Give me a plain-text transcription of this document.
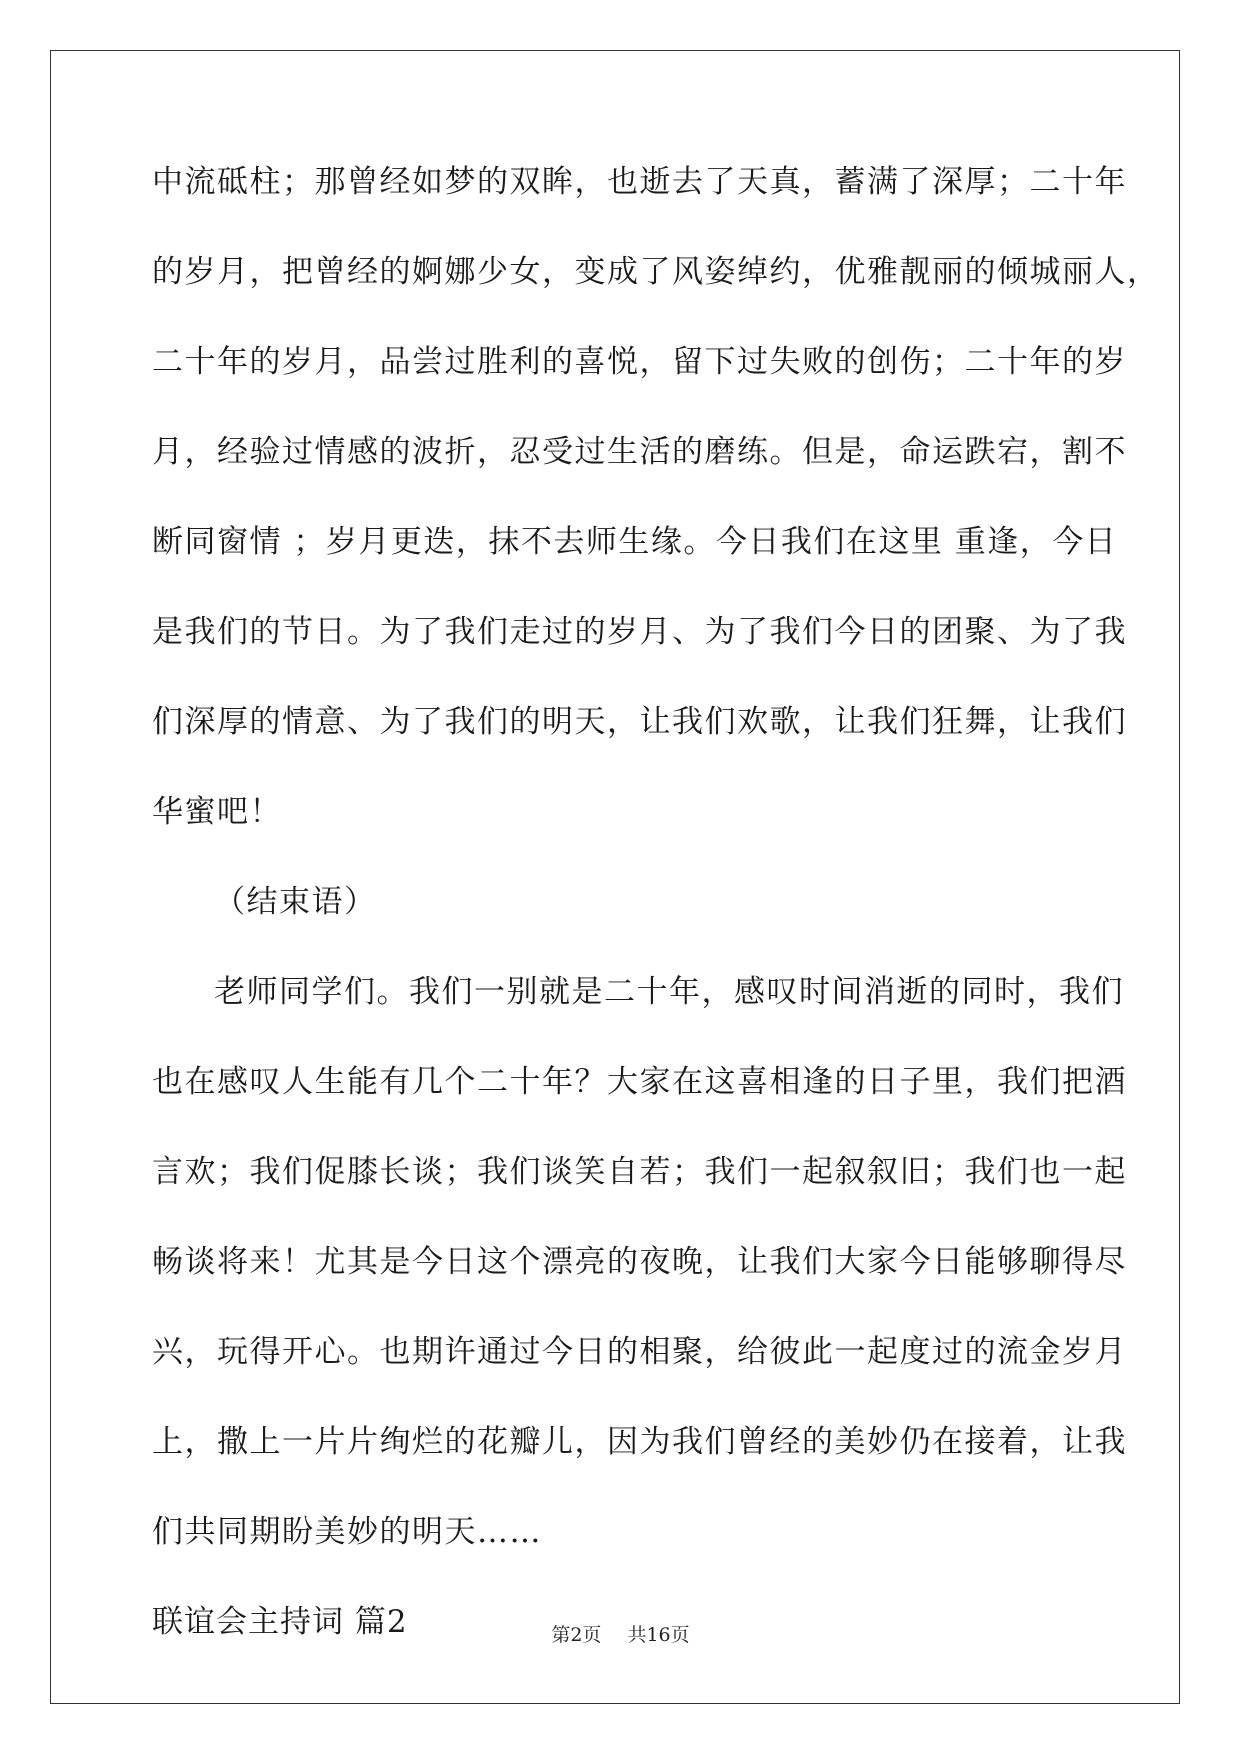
中流砥柱；那曾经如梦的双眸，也逝去了天真，蓄满了深厚；二十年
的岁月，把曾经的婀娜少女，变成了风姿绰约，优雅靓丽的倾城丽人，
二十年的岁月，品尝过胜利的喜悦，留下过失败的创伤；二十年的岁
月，经验过情感的波折，忍受过生活的磨练。但是，命运跌宕，割不
断同窗情 ；岁月更迭，抹不去师生缘。今日我们在这里 重逢，今日
是我们的节日。为了我们走过的岁月、为了我们今日的团聚、为了我
们深厚的情意、为了我们的明天，让我们欢歌，让我们狂舞，让我们
华蜜吧！
（结束语）
老师同学们。我们一别就是二十年，感叹时间消逝的同时，我们
也在感叹人生能有几个二十年？大家在这喜相逢的日子里，我们把酒
言欢；我们促膝长谈；我们谈笑自若；我们一起叙叙旧；我们也一起
畅谈将来！尤其是今日这个漂亮的夜晚，让我们大家今日能够聊得尽
兴，玩得开心。也期许通过今日的相聚，给彼此一起度过的流金岁月
上，撒上一片片绚烂的花瓣儿，因为我们曾经的美妙仍在接着，让我
们共同期盼美妙的明天……
联谊会主持词 篇2	第2页 共16页
